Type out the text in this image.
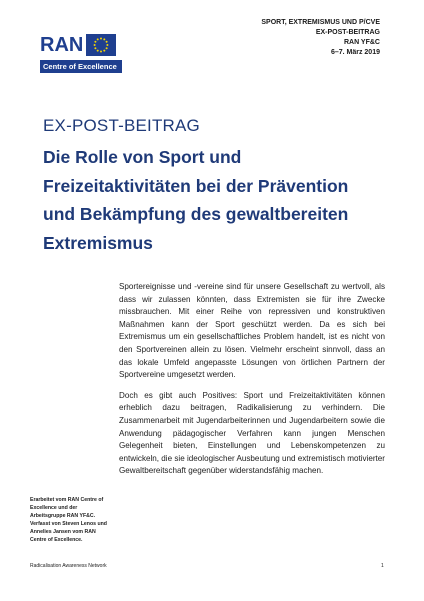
RAN
Centre of Excellence
SPORT, EXTREMISMUS UND P/CVE
EX-POST-BEITRAG
RAN YF&C
6–7. März 2019
EX-POST-BEITRAG
Die Rolle von Sport und Freizeitaktivitäten bei der Prävention und Bekämpfung des gewaltbereiten Extremismus

Sportereignisse und -vereine sind für unsere Gesellschaft zu wertvoll, als dass wir zulassen könnten, dass Extremisten sie für ihre Zwecke missbrauchen. Mit einer Reihe von repressiven und konstruktiven Maßnahmen kann der Sport geschützt werden. Da es sich bei Extremismus um ein gesellschaftliches Problem handelt, ist es nicht von den Sportvereinen allein zu lösen. Vielmehr erscheint sinnvoll, dass an das lokale Umfeld angepasste Lösungen von örtlichen Partnern der Sportvereine umgesetzt werden.

Doch es gibt auch Positives: Sport und Freizeitaktivitäten können erheblich dazu beitragen, Radikalisierung zu verhindern. Die Zusammenarbeit mit Jugendarbeiterinnen und Jugendarbeitern sowie die Anwendung pädagogischer Verfahren kann jungen Menschen Gelegenheit bieten, Einstellungen und Lebenskompetenzen zu entwickeln, die sie ideologischer Ausbeutung und extremistisch motivierter Gewaltbereitschaft gegenüber widerstandsfähig machen.

Erarbeitet vom RAN Centre of Excellence und der Arbeitsgruppe RAN YF&C. Verfasst von Steven Lenos und Annelies Jansen vom RAN Centre of Excellence.
Radicalisation Awareness Network	1
